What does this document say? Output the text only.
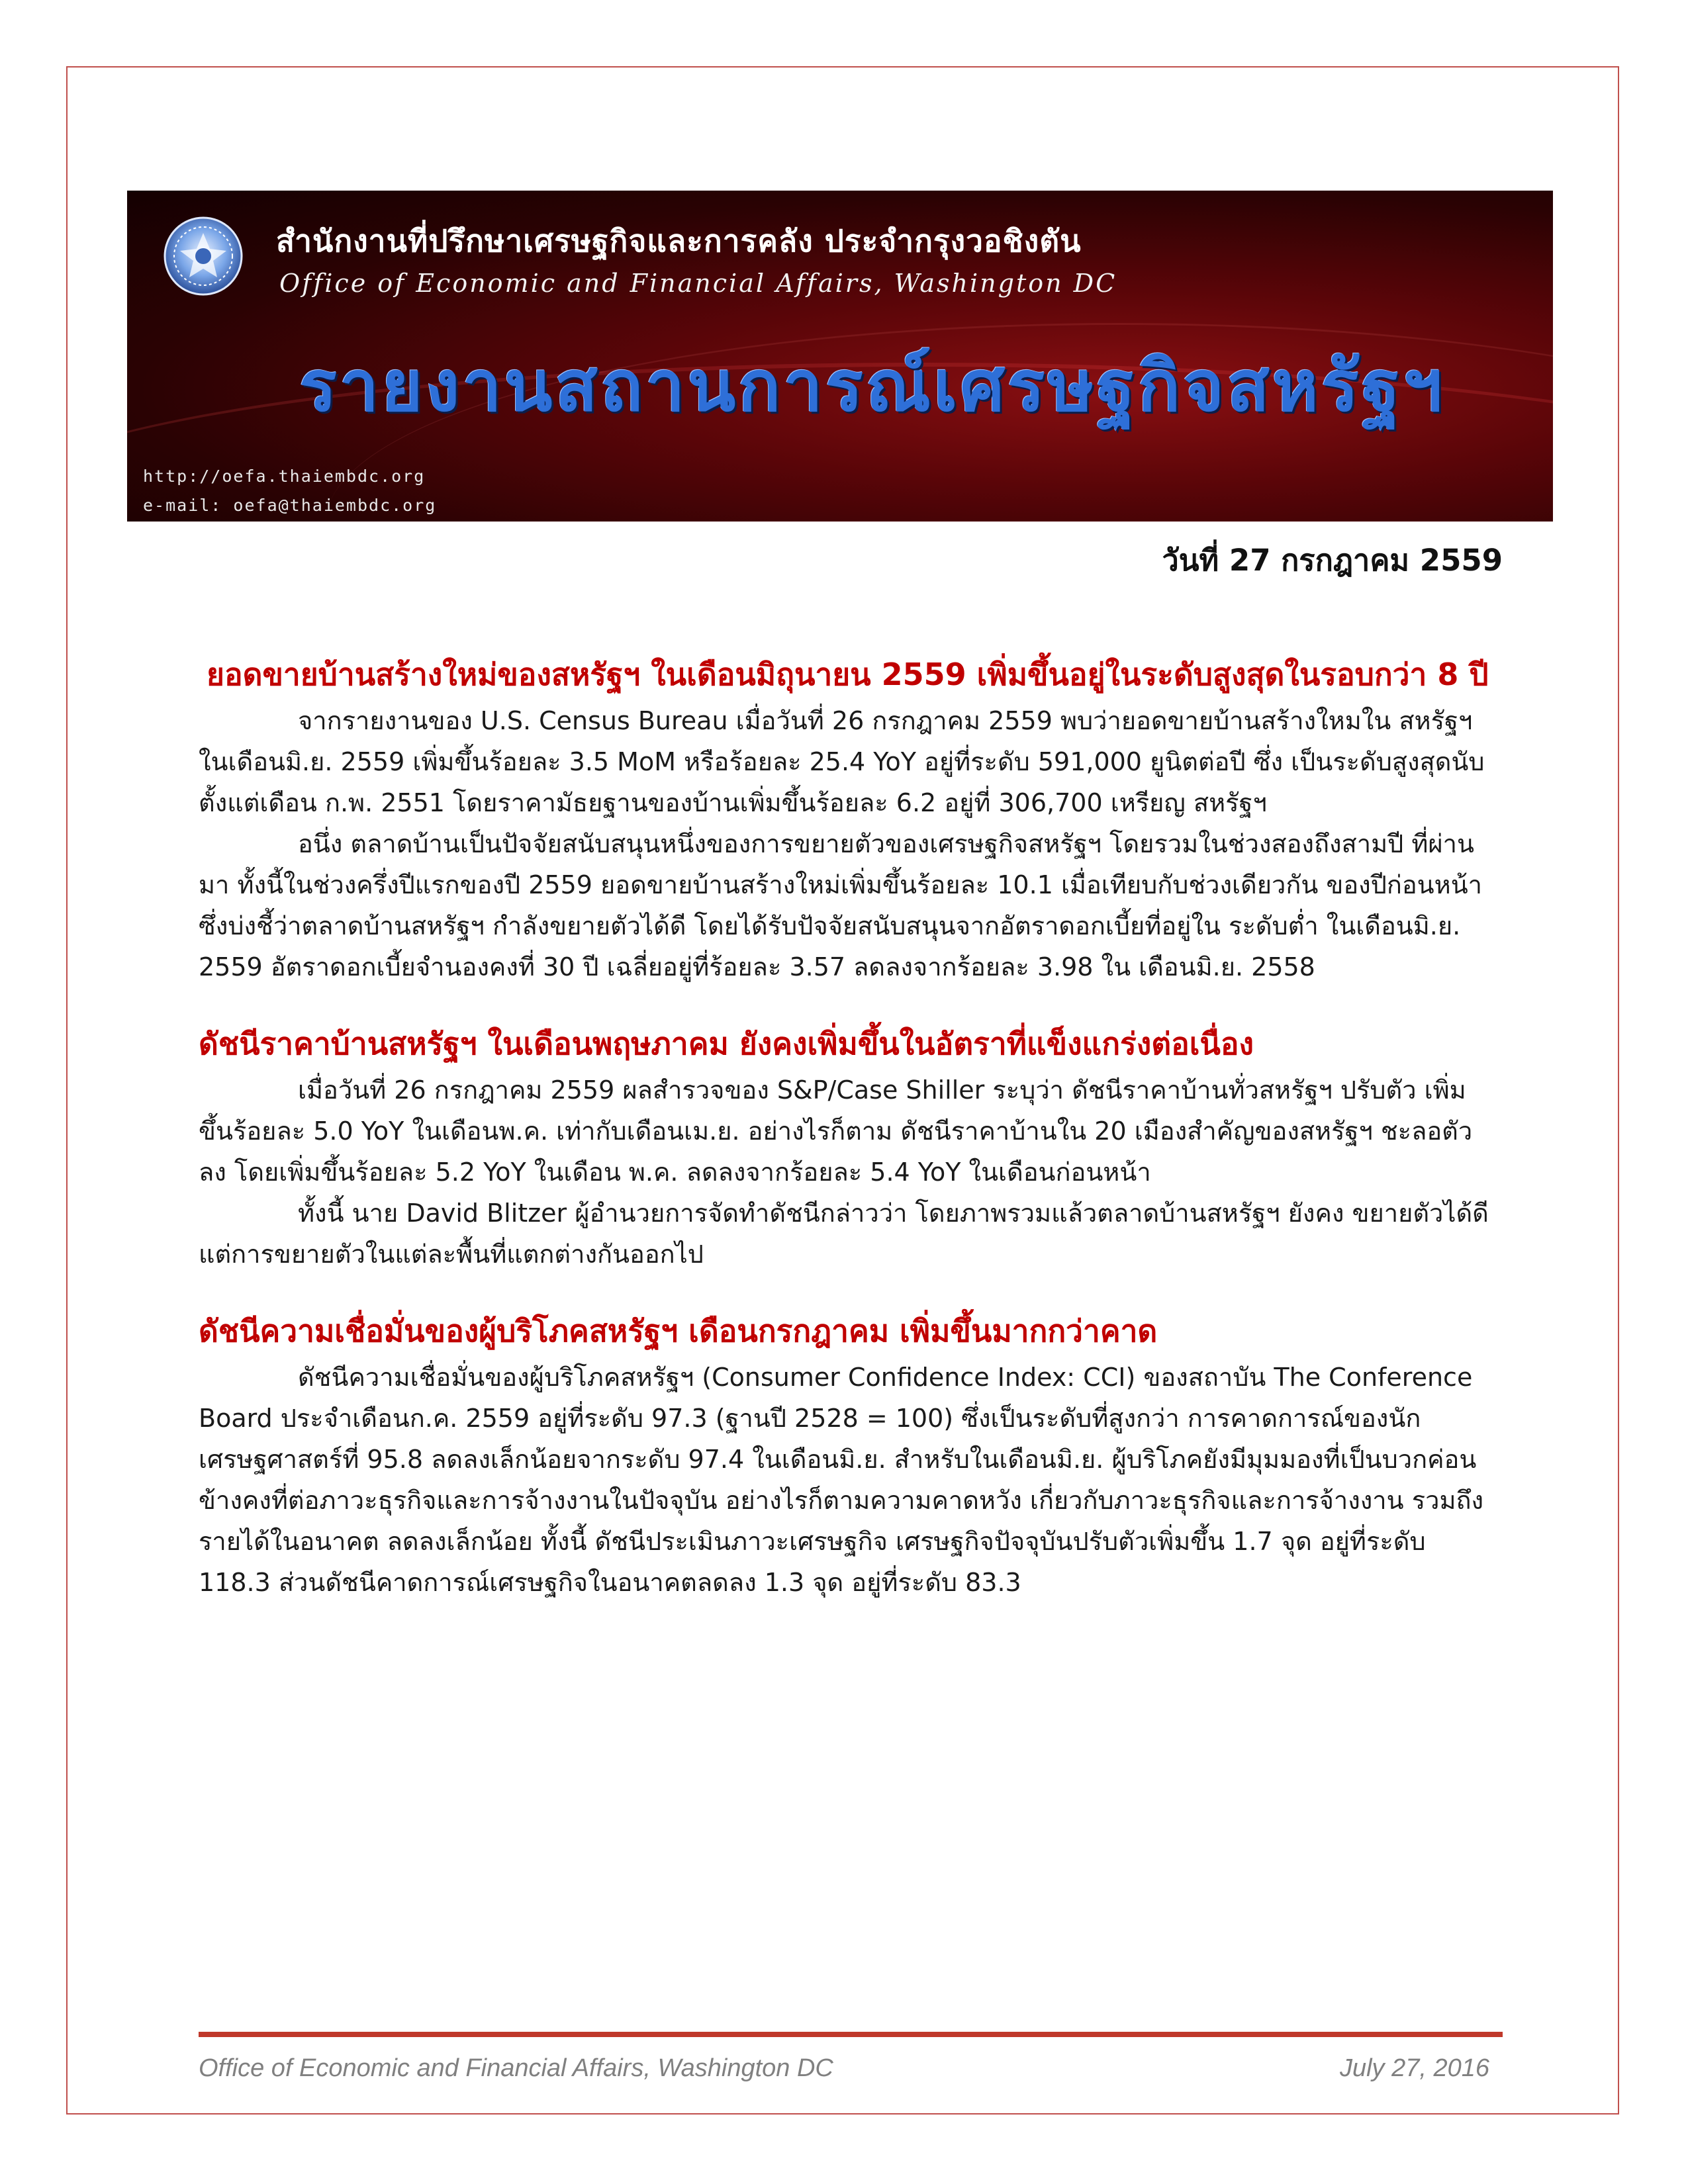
สำนักงานที่ปรึกษาเศรษฐกิจและการคลัง ประจำกรุงวอชิงตัน
Office of Economic and Financial Affairs, Washington DC
รายงานสถานการณ์เศรษฐกิจสหรัฐฯ
http://oefa.thaiembdc.org
e-mail: oefa@thaiembdc.org
วันที่ 27 กรกฎาคม 2559
ยอดขายบ้านสร้างใหม่ของสหรัฐฯ ในเดือนมิถุนายน 2559 เพิ่มขึ้นอยู่ในระดับสูงสุดในรอบกว่า 8 ปี

จากรายงานของ U.S. Census Bureau เมื่อวันที่ 26 กรกฎาคม 2559 พบว่ายอดขายบ้านสร้างใหมใน สหรัฐฯ ในเดือนมิ.ย. 2559 เพิ่มขึ้นร้อยละ 3.5 MoM หรือร้อยละ 25.4 YoY อยู่ที่ระดับ 591,000 ยูนิตต่อปี ซึ่ง เป็นระดับสูงสุดนับตั้งแต่เดือน ก.พ. 2551 โดยราคามัธยฐานของบ้านเพิ่มขึ้นร้อยละ 6.2 อยู่ที่ 306,700 เหรียญ สหรัฐฯ

อนึ่ง ตลาดบ้านเป็นปัจจัยสนับสนุนหนึ่งของการขยายตัวของเศรษฐกิจสหรัฐฯ โดยรวมในช่วงสองถึงสามปี ที่ผ่านมา ทั้งนี้ในช่วงครึ่งปีแรกของปี 2559 ยอดขายบ้านสร้างใหม่เพิ่มขึ้นร้อยละ 10.1 เมื่อเทียบกับช่วงเดียวกัน ของปีก่อนหน้า ซึ่งบ่งชี้ว่าตลาดบ้านสหรัฐฯ กำลังขยายตัวได้ดี โดยได้รับปัจจัยสนับสนุนจากอัตราดอกเบี้ยที่อยู่ใน ระดับต่ำ ในเดือนมิ.ย. 2559 อัตราดอกเบี้ยจำนองคงที่ 30 ปี เฉลี่ยอยู่ที่ร้อยละ 3.57 ลดลงจากร้อยละ 3.98 ใน เดือนมิ.ย. 2558

ดัชนีราคาบ้านสหรัฐฯ ในเดือนพฤษภาคม ยังคงเพิ่มขึ้นในอัตราที่แข็งแกร่งต่อเนื่อง

เมื่อวันที่ 26 กรกฎาคม 2559 ผลสำรวจของ S&P/Case Shiller ระบุว่า ดัชนีราคาบ้านทั่วสหรัฐฯ ปรับตัว เพิ่มขึ้นร้อยละ 5.0 YoY ในเดือนพ.ค. เท่ากับเดือนเม.ย. อย่างไรก็ตาม ดัชนีราคาบ้านใน 20 เมืองสำคัญของสหรัฐฯ ชะลอตัวลง โดยเพิ่มขึ้นร้อยละ 5.2 YoY ในเดือน พ.ค. ลดลงจากร้อยละ 5.4 YoY ในเดือนก่อนหน้า

ทั้งนี้ นาย David Blitzer ผู้อำนวยการจัดทำดัชนีกล่าวว่า โดยภาพรวมแล้วตลาดบ้านสหรัฐฯ ยังคง ขยายตัวได้ดี แต่การขยายตัวในแต่ละพื้นที่แตกต่างกันออกไป

ดัชนีความเชื่อมั่นของผู้บริโภคสหรัฐฯ เดือนกรกฎาคม เพิ่มขึ้นมากกว่าคาด

ดัชนีความเชื่อมั่นของผู้บริโภคสหรัฐฯ (Consumer Confidence Index: CCI) ของสถาบัน The Conference Board ประจำเดือนก.ค. 2559 อยู่ที่ระดับ 97.3 (ฐานปี 2528 = 100) ซึ่งเป็นระดับที่สูงกว่า การคาดการณ์ของนักเศรษฐศาสตร์ที่ 95.8 ลดลงเล็กน้อยจากระดับ 97.4 ในเดือนมิ.ย. สำหรับในเดือนมิ.ย. ผู้บริโภคยังมีมุมมองที่เป็นบวกค่อนข้างคงที่ต่อภาวะธุรกิจและการจ้างงานในปัจจุบัน อย่างไรก็ตามความคาดหวัง เกี่ยวกับภาวะธุรกิจและการจ้างงาน รวมถึงรายได้ในอนาคต ลดลงเล็กน้อย ทั้งนี้ ดัชนีประเมินภาวะเศรษฐกิจ เศรษฐกิจปัจจุบันปรับตัวเพิ่มขึ้น 1.7 จุด อยู่ที่ระดับ 118.3 ส่วนดัชนีคาดการณ์เศรษฐกิจในอนาคตลดลง 1.3 จุด อยู่ที่ระดับ 83.3

Office of Economic and Financial Affairs, Washington DC	July 27, 2016
